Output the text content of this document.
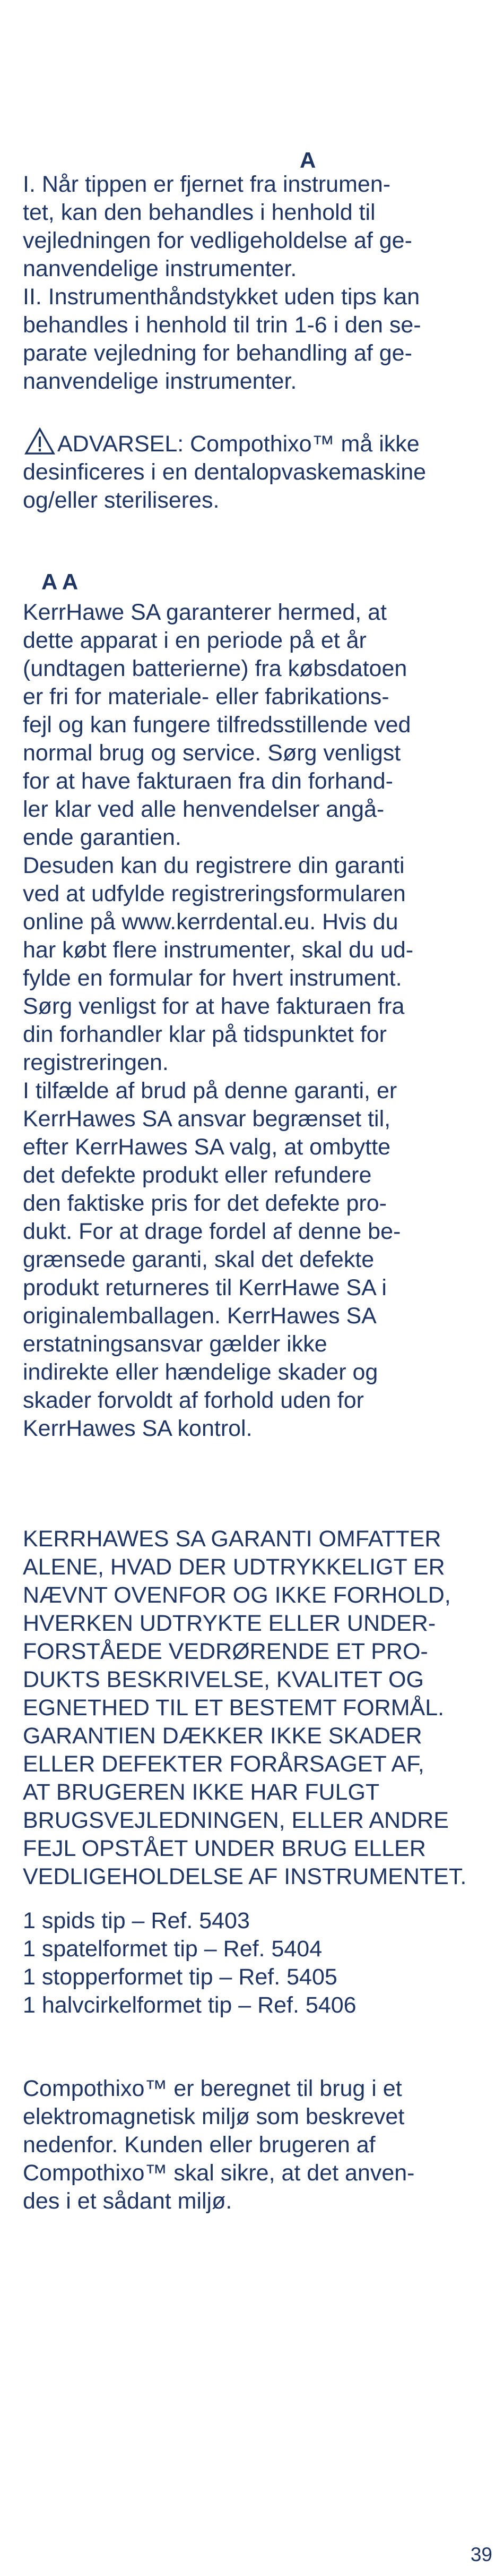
A
I. Når tippen er fjernet fra instrumen-
tet, kan den behandles i henhold til
vejledningen for vedligeholdelse af ge-
nanvendelige instrumenter.
II. Instrumenthåndstykket uden tips kan
behandles i henhold til trin 1-6 i den se-
parate vejledning for behandling af ge-
nanvendelige instrumenter.
ADVARSEL: Compothixo™ må ikke
desinficeres i en dentalopvaskemaskine
og/eller steriliseres.
A A
KerrHawe SA garanterer hermed, at
dette apparat i en periode på et år
(undtagen batterierne) fra købsdatoen
er fri for materiale- eller fabrikations-
fejl og kan fungere tilfredsstillende ved
normal brug og service. Sørg venligst
for at have fakturaen fra din forhand-
ler klar ved alle henvendelser angå-
ende garantien.
Desuden kan du registrere din garanti
ved at udfylde registreringsformularen
online på www.kerrdental.eu. Hvis du
har købt flere instrumenter, skal du ud-
fylde en formular for hvert instrument.
Sørg venligst for at have fakturaen fra
din forhandler klar på tidspunktet for
registreringen.
I tilfælde af brud på denne garanti, er
KerrHawes SA ansvar begrænset til,
efter KerrHawes SA valg, at ombytte
det defekte produkt eller refundere
den faktiske pris for det defekte pro-
dukt. For at drage fordel af denne be-
grænsede garanti, skal det defekte
produkt returneres til KerrHawe SA i
originalemballagen. KerrHawes SA
erstatningsansvar gælder ikke
indirekte eller hændelige skader og
skader forvoldt af forhold uden for
KerrHawes SA kontrol.
KERRHAWES SA GARANTI OMFATTER
ALENE, HVAD DER UDTRYKKELIGT ER
NÆVNT OVENFOR OG IKKE FORHOLD,
HVERKEN UDTRYKTE ELLER UNDER-
FORSTÅEDE VEDRØRENDE ET PRO-
DUKTS BESKRIVELSE, KVALITET OG
EGNETHED TIL ET BESTEMT FORMÅL.
GARANTIEN DÆKKER IKKE SKADER
ELLER DEFEKTER FORÅRSAGET AF,
AT BRUGEREN IKKE HAR FULGT
BRUGSVEJLEDNINGEN, ELLER ANDRE
FEJL OPSTÅET UNDER BRUG ELLER
VEDLIGEHOLDELSE AF INSTRUMENTET.
1 spids tip – Ref. 5403
1 spatelformet tip – Ref. 5404
1 stopperformet tip – Ref. 5405
1 halvcirkelformet tip – Ref. 5406
Compothixo™ er beregnet til brug i et
elektromagnetisk miljø som beskrevet
nedenfor. Kunden eller brugeren af
Compothixo™ skal sikre, at det anven-
des i et sådant miljø.
39
